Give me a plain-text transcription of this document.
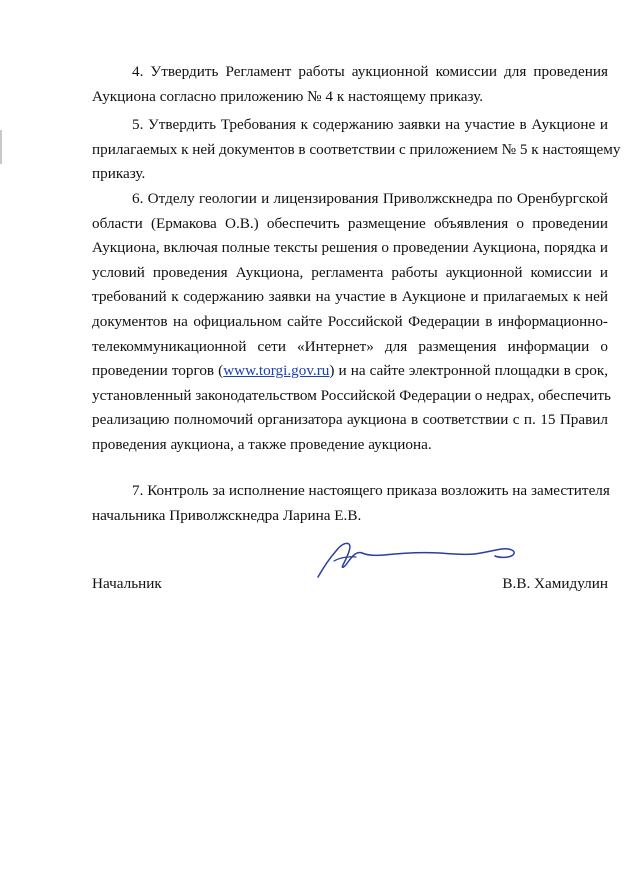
4. Утвердить Регламент работы аукционной комиссии для проведения
Аукциона согласно приложению № 4 к настоящему приказу.
5. Утвердить Требования к содержанию заявки на участие в Аукционе и
прилагаемых к ней документов в соответствии с приложением № 5 к настоящему
приказу.
6. Отделу геологии и лицензирования Приволжскнедра по Оренбургской
области (Ермакова О.В.) обеспечить размещение объявления о проведении
Аукциона, включая полные тексты решения о проведении Аукциона, порядка и
условий проведения Аукциона, регламента работы аукционной комиссии и
требований к содержанию заявки на участие в Аукционе и прилагаемых к ней
документов на официальном сайте Российской Федерации в информационно-
телекоммуникационной сети «Интернет» для размещения информации о
проведении торгов (www.torgi.gov.ru) и на сайте электронной площадки в срок,
установленный законодательством Российской Федерации о недрах, обеспечить
реализацию полномочий организатора аукциона в соответствии с п. 15 Правил
проведения аукциона, а также проведение аукциона.
7. Контроль за исполнение настоящего приказа возложить на заместителя
начальника Приволжскнедра Ларина Е.В.
Начальник	В.В. Хамидулин
